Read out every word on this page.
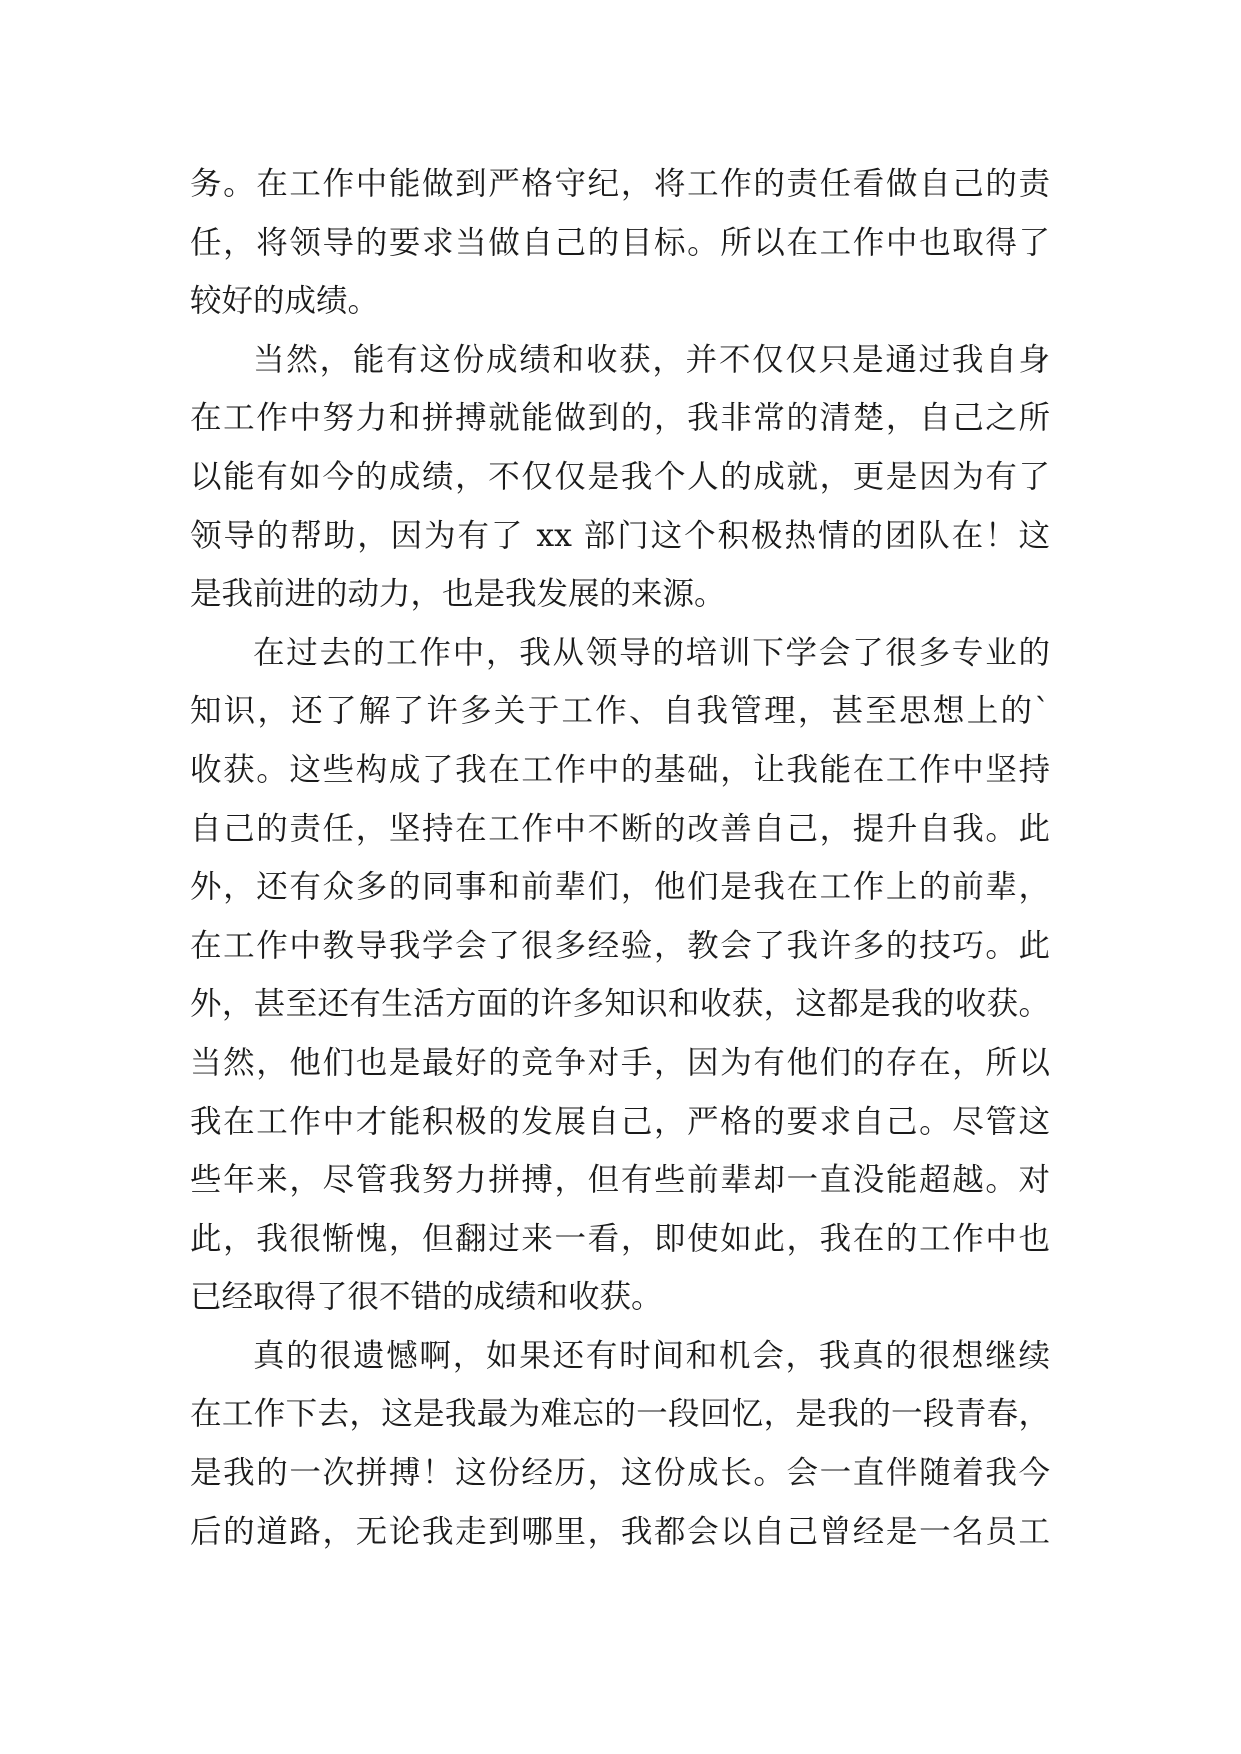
务。在工作中能做到严格守纪，将工作的责任看做自己的责
任，将领导的要求当做自己的目标。所以在工作中也取得了
较好的成绩。
当然，能有这份成绩和收获，并不仅仅只是通过我自身
在工作中努力和拼搏就能做到的，我非常的清楚，自己之所
以能有如今的成绩，不仅仅是我个人的成就，更是因为有了
领导的帮助，因为有了 xx 部门这个积极热情的团队在！这
是我前进的动力，也是我发展的来源。
在过去的工作中，我从领导的培训下学会了很多专业的
知识，还了解了许多关于工作、自我管理，甚至思想上的`
收获。这些构成了我在工作中的基础，让我能在工作中坚持
自己的责任，坚持在工作中不断的改善自己，提升自我。此
外，还有众多的同事和前辈们，他们是我在工作上的前辈，
在工作中教导我学会了很多经验，教会了我许多的技巧。此
外，甚至还有生活方面的许多知识和收获，这都是我的收获。
当然，他们也是最好的竞争对手，因为有他们的存在，所以
我在工作中才能积极的发展自己，严格的要求自己。尽管这
些年来，尽管我努力拼搏，但有些前辈却一直没能超越。对
此，我很惭愧，但翻过来一看，即使如此，我在的工作中也
已经取得了很不错的成绩和收获。
真的很遗憾啊，如果还有时间和机会，我真的很想继续
在工作下去，这是我最为难忘的一段回忆，是我的一段青春，
是我的一次拼搏！这份经历，这份成长。会一直伴随着我今
后的道路，无论我走到哪里，我都会以自己曾经是一名员工
